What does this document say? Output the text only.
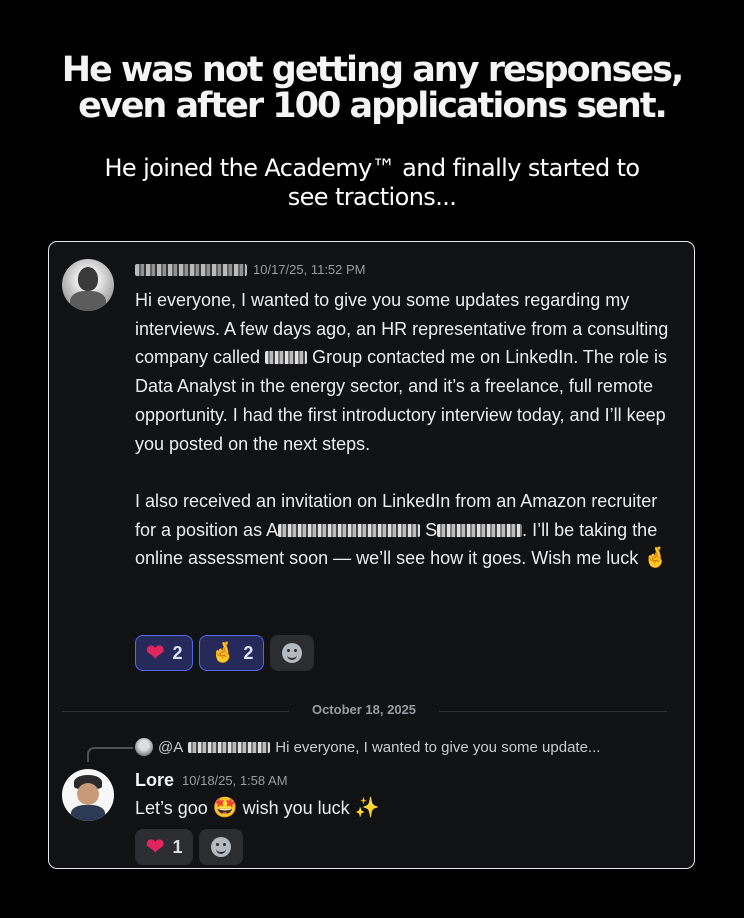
He was not getting any responses,
even after 100 applications sent.
He joined the Academy™ and finally started to
see tractions...
10/17/25, 11:52 PM

Hi everyone, I wanted to give you some updates regarding my interviews. A few days ago, an HR representative from a consulting company called  Group contacted me on LinkedIn. The role is Data Analyst in the energy sector, and it’s a freelance, full remote opportunity. I had the first introductory interview today, and I’ll keep you posted on the next steps.

I also received an invitation on LinkedIn from an Amazon recruiter for a position as A	S	. I’ll be taking the online assessment soon — we’ll see how it goes. Wish me luck 🤞

❤ 2 🤞 2
October 18, 2025
@A	Hi everyone, I wanted to give you some update...
Lore 10/18/25, 1:58 AM
Let’s goo 🤩 wish you luck ✨
❤ 1
